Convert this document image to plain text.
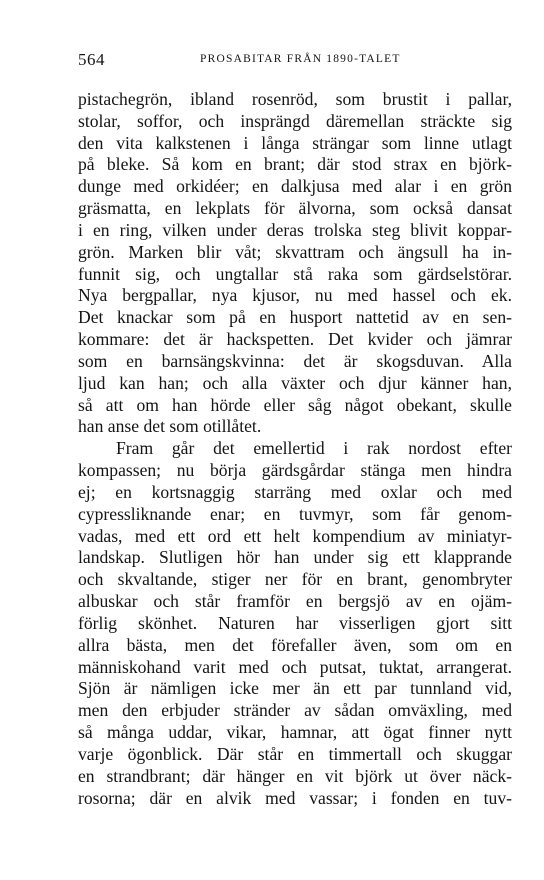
564	PROSABITAR FRÅN 1890-TALET
pistachegrön, ibland rosenröd, som brustit i pallar,
stolar, soffor, och insprängd däremellan sträckte sig
den vita kalkstenen i långa strängar som linne utlagt
på bleke. Så kom en brant; där stod strax en björk-
dunge med orkidéer; en dalkjusa med alar i en grön
gräsmatta, en lekplats för älvorna, som också dansat
i en ring, vilken under deras trolska steg blivit koppar-
grön. Marken blir våt; skvattram och ängsull ha in-
funnit sig, och ungtallar stå raka som gärdselstörar.
Nya bergpallar, nya kjusor, nu med hassel och ek.
Det knackar som på en husport nattetid av en sen-
kommare: det är hackspetten. Det kvider och jämrar
som en barnsängskvinna: det är skogsduvan. Alla
ljud kan han; och alla växter och djur känner han,
så att om han hörde eller såg något obekant, skulle
han anse det som otillåtet.
Fram går det emellertid i rak nordost efter
kompassen; nu börja gärdsgårdar stänga men hindra
ej; en kortsnaggig starräng med oxlar och med
cypressliknande enar; en tuvmyr, som får genom-
vadas, med ett ord ett helt kompendium av miniatyr-
landskap. Slutligen hör han under sig ett klapprande
och skvaltande, stiger ner för en brant, genombryter
albuskar och står framför en bergsjö av en ojäm-
förlig skönhet. Naturen har visserligen gjort sitt
allra bästa, men det förefaller även, som om en
människohand varit med och putsat, tuktat, arrangerat.
Sjön är nämligen icke mer än ett par tunnland vid,
men den erbjuder stränder av sådan omväxling, med
så många uddar, vikar, hamnar, att ögat finner nytt
varje ögonblick. Där står en timmertall och skuggar
en strandbrant; där hänger en vit björk ut över näck-
rosorna; där en alvik med vassar; i fonden en tuv-
